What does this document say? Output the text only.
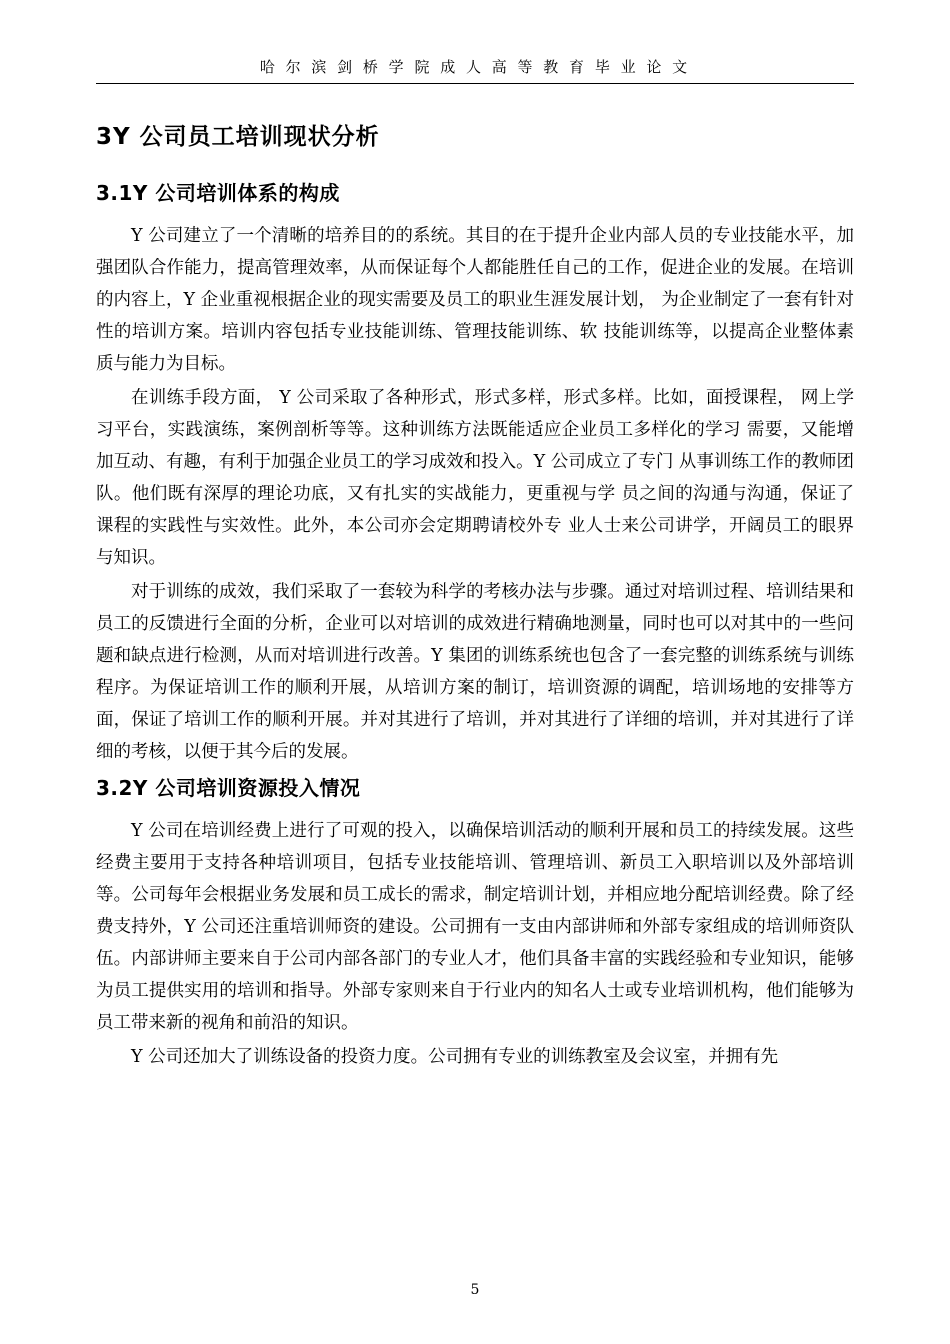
哈 尔 滨 剑 桥 学 院 成 人 高 等 教 育 毕 业 论 文
3Y 公司员工培训现状分析
3.1Y 公司培训体系的构成

Y 公司建立了一个清晰的培养目的的系统。其目的在于提升企业内部人员的专业技能水平，加强团队合作能力，提高管理效率，从而保证每个人都能胜任自己的工作，促进企业的发展。在培训的内容上，Y 企业重视根据企业的现实需要及员工的职业生涯发展计划， 为企业制定了一套有针对性的培训方案。培训内容包括专业技能训练、管理技能训练、软 技能训练等，以提高企业整体素质与能力为目标。

在训练手段方面， Y 公司采取了各种形式，形式多样，形式多样。比如，面授课程， 网上学习平台，实践演练，案例剖析等等。这种训练方法既能适应企业员工多样化的学习 需要，又能增加互动、有趣，有利于加强企业员工的学习成效和投入。Y 公司成立了专门 从事训练工作的教师团队。他们既有深厚的理论功底，又有扎实的实战能力，更重视与学 员之间的沟通与沟通，保证了课程的实践性与实效性。此外，本公司亦会定期聘请校外专 业人士来公司讲学，开阔员工的眼界与知识。

对于训练的成效，我们采取了一套较为科学的考核办法与步骤。通过对培训过程、培训结果和员工的反馈进行全面的分析，企业可以对培训的成效进行精确地测量，同时也可以对其中的一些问题和缺点进行检测，从而对培训进行改善。Y 集团的训练系统也包含了一套完整的训练系统与训练程序。为保证培训工作的顺利开展，从培训方案的制订，培训资源的调配，培训场地的安排等方面，保证了培训工作的顺利开展。并对其进行了培训，并对其进行了详细的培训，并对其进行了详细的考核，以便于其今后的发展。

3.2Y 公司培训资源投入情况

Y 公司在培训经费上进行了可观的投入，以确保培训活动的顺利开展和员工的持续发展。这些经费主要用于支持各种培训项目，包括专业技能培训、管理培训、新员工入职培训以及外部培训等。公司每年会根据业务发展和员工成长的需求，制定培训计划，并相应地分配培训经费。除了经费支持外，Y 公司还注重培训师资的建设。公司拥有一支由内部讲师和外部专家组成的培训师资队伍。内部讲师主要来自于公司内部各部门的专业人才，他们具备丰富的实践经验和专业知识，能够为员工提供实用的培训和指导。外部专家则来自于行业内的知名人士或专业培训机构，他们能够为员工带来新的视角和前沿的知识。

Y 公司还加大了训练设备的投资力度。公司拥有专业的训练教室及会议室，并拥有先

5
